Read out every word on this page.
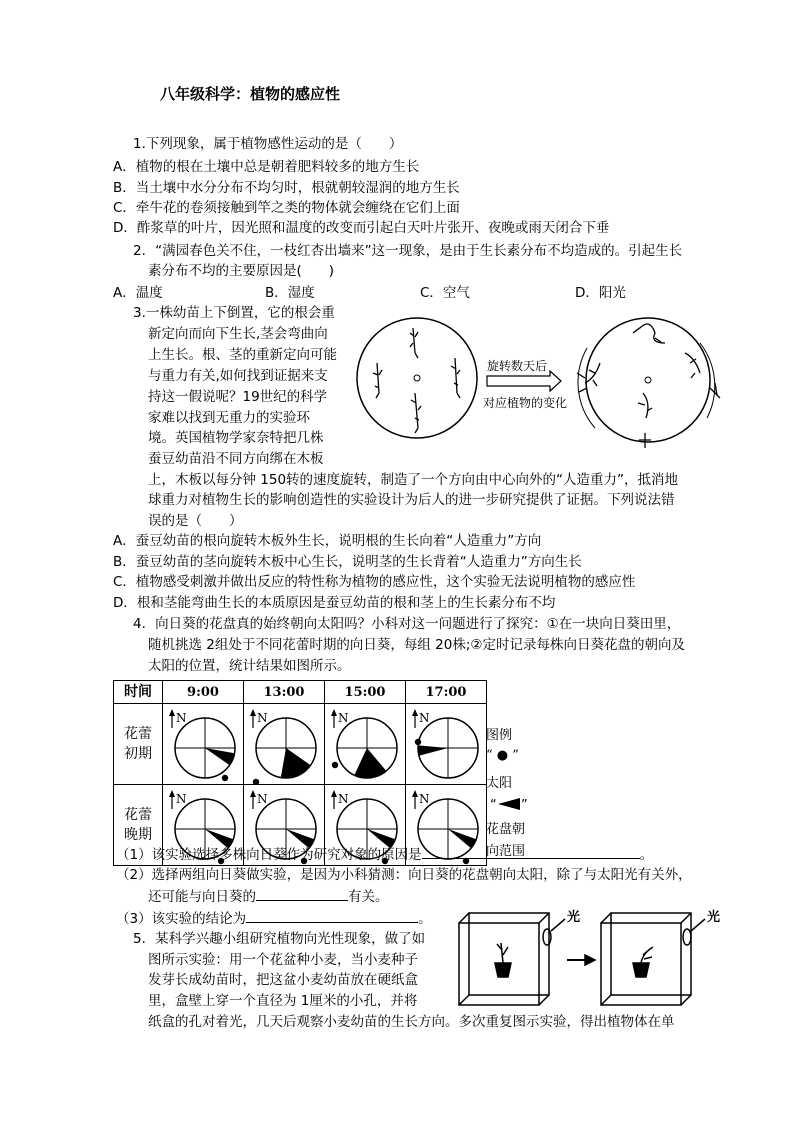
八年级科学：植物的感应性
1.下列现象，属于植物感性运动的是（　　）
A．植物的根在土壤中总是朝着肥料较多的地方生长
B．当土壤中水分分布不均匀时，根就朝较湿润的地方生长
C．牵牛花的卷须接触到竿之类的物体就会缠绕在它们上面
D．酢浆草的叶片，因光照和温度的改变而引起白天叶片张开、夜晚或雨天闭合下垂
2．“满园春色关不住，一枝红杏出墙来”这一现象，是由于生长素分布不均造成的。引起生长
素分布不均的主要原因是(　　)
A．温度	B．湿度	C．空气	D．阳光
3.一株幼苗上下倒置，它的根会重
新定向而向下生长,茎会弯曲向
上生长。根、茎的重新定向可能
与重力有关,如何找到证据来支
持这一假说呢？19世纪的科学
家难以找到无重力的实验环
境。英国植物学家奈特把几株
蚕豆幼苗沿不同方向绑在木板
上，木板以每分钟 150转的速度旋转，制造了一个方向由中心向外的“人造重力”，抵消地
球重力对植物生长的影响创造性的实验设计为后人的进一步研究提供了证据。下列说法错
误的是（　　）
旋转数天后
对应植物的变化
A．蚕豆幼苗的根向旋转木板外生长，说明根的生长向着“人造重力”方向
B．蚕豆幼苗的茎向旋转木板中心生长，说明茎的生长背着“人造重力”方向生长
C．植物感受刺激并做出反应的特性称为植物的感应性，这个实验无法说明植物的感应性
D．根和茎能弯曲生长的本质原因是蚕豆幼苗的根和茎上的生长素分布不均
4．向日葵的花盘真的始终朝向太阳吗？小科对这一问题进行了探究：①在一块向日葵田里，
随机挑选 2组处于不同花蕾时期的向日葵，每组 20株;②定时记录每株向日葵花盘的朝向及
太阳的位置，统计结果如图所示。
时间	9:00	13:00	15:00	17:00
花蕾
初期	N	N	N	N

花蕾
晚期	N	N	N	N
图例
“ ● ”
太阳
“ ”
花盘朝
向范围
（1）该实验选择多株向日葵作为研究对象的原因是	。
（2）选择两组向日葵做实验，是因为小科猜测：向日葵的花盘朝向太阳，除了与太阳光有关外，
还可能与向日葵的	有关。
（3）该实验的结论为	。
5．某科学兴趣小组研究植物向光性现象，做了如
图所示实验：用一个花盆种小麦，当小麦种子
发芽长成幼苗时，把这盆小麦幼苗放在硬纸盒
里，盒壁上穿一个直径为 1厘米的小孔，并将
纸盒的孔对着光，几天后观察小麦幼苗的生长方向。多次重复图示实验，得出植物体在单
光	光
